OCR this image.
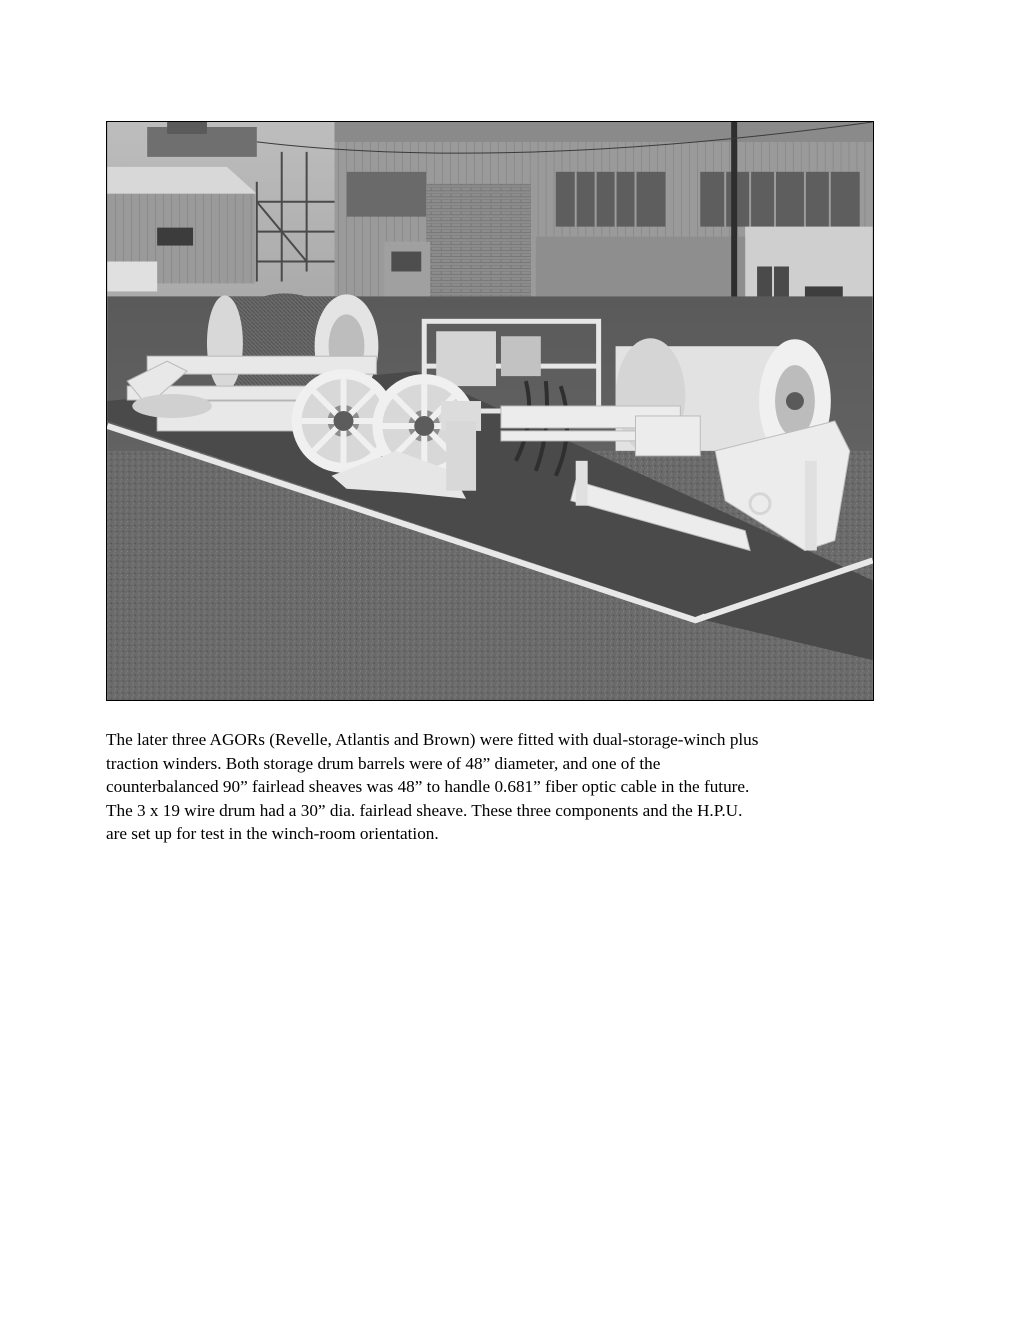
The later three AGORs (Revelle, Atlantis and Brown) were fitted with dual-storage-winch plus
traction winders. Both storage drum barrels were of 48” diameter, and one of the
counterbalanced 90” fairlead sheaves was 48” to handle 0.681” fiber optic cable in the future.
The 3 x 19 wire drum had a 30” dia. fairlead sheave. These three components and the H.P.U.
are set up for test in the winch-room orientation.
